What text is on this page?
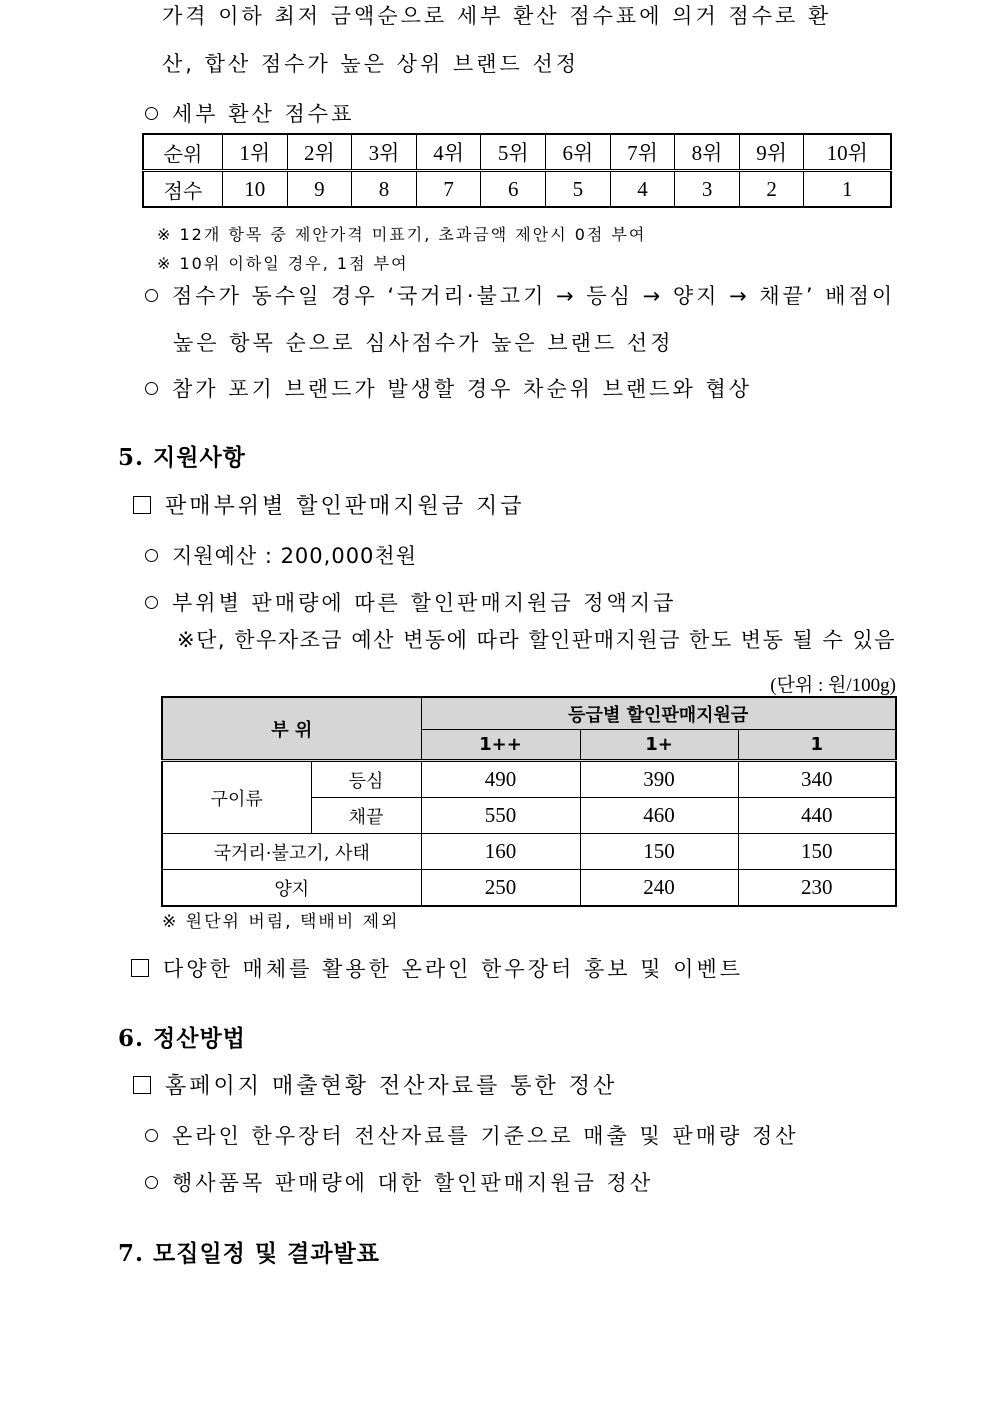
가격 이하 최저 금액순으로 세부 환산 점수표에 의거 점수로 환
산, 합산 점수가 높은 상위 브랜드 선정
세부 환산 점수표
순위	1위	2위	3위	4위	5위	6위	7위	8위	9위	10위
점수	10	9	8	7	6	5	4	3	2	1
※ 12개 항목 중 제안가격 미표기, 초과금액 제안시 0점 부여
※ 10위 이하일 경우, 1점 부여
점수가 동수일 경우 ‘국거리·불고기 → 등심 → 양지 → 채끝’ 배점이
높은 항목 순으로 심사점수가 높은 브랜드 선정
참가 포기 브랜드가 발생할 경우 차순위 브랜드와 협상
5. 지원사항
판매부위별 할인판매지원금 지급
지원예산 : 200,000천원
부위별 판매량에 따른 할인판매지원금 정액지급
※단, 한우자조금 예산 변동에 따라 할인판매지원금 한도 변동 될 수 있음
(단위 : 원/100g)
부 위		등급별 할인판매지원금		
		1++	1+	1
구이류	등심	490	390	340
	채끝	550	460	440
국거리·불고기, 사태		160	150	150
양지		250	240	230
※ 원단위 버림, 택배비 제외
다양한 매체를 활용한 온라인 한우장터 홍보 및 이벤트
6. 정산방법
홈페이지 매출현황 전산자료를 통한 정산
온라인 한우장터 전산자료를 기준으로 매출 및 판매량 정산
행사품목 판매량에 대한 할인판매지원금 정산
7. 모집일정 및 결과발표
